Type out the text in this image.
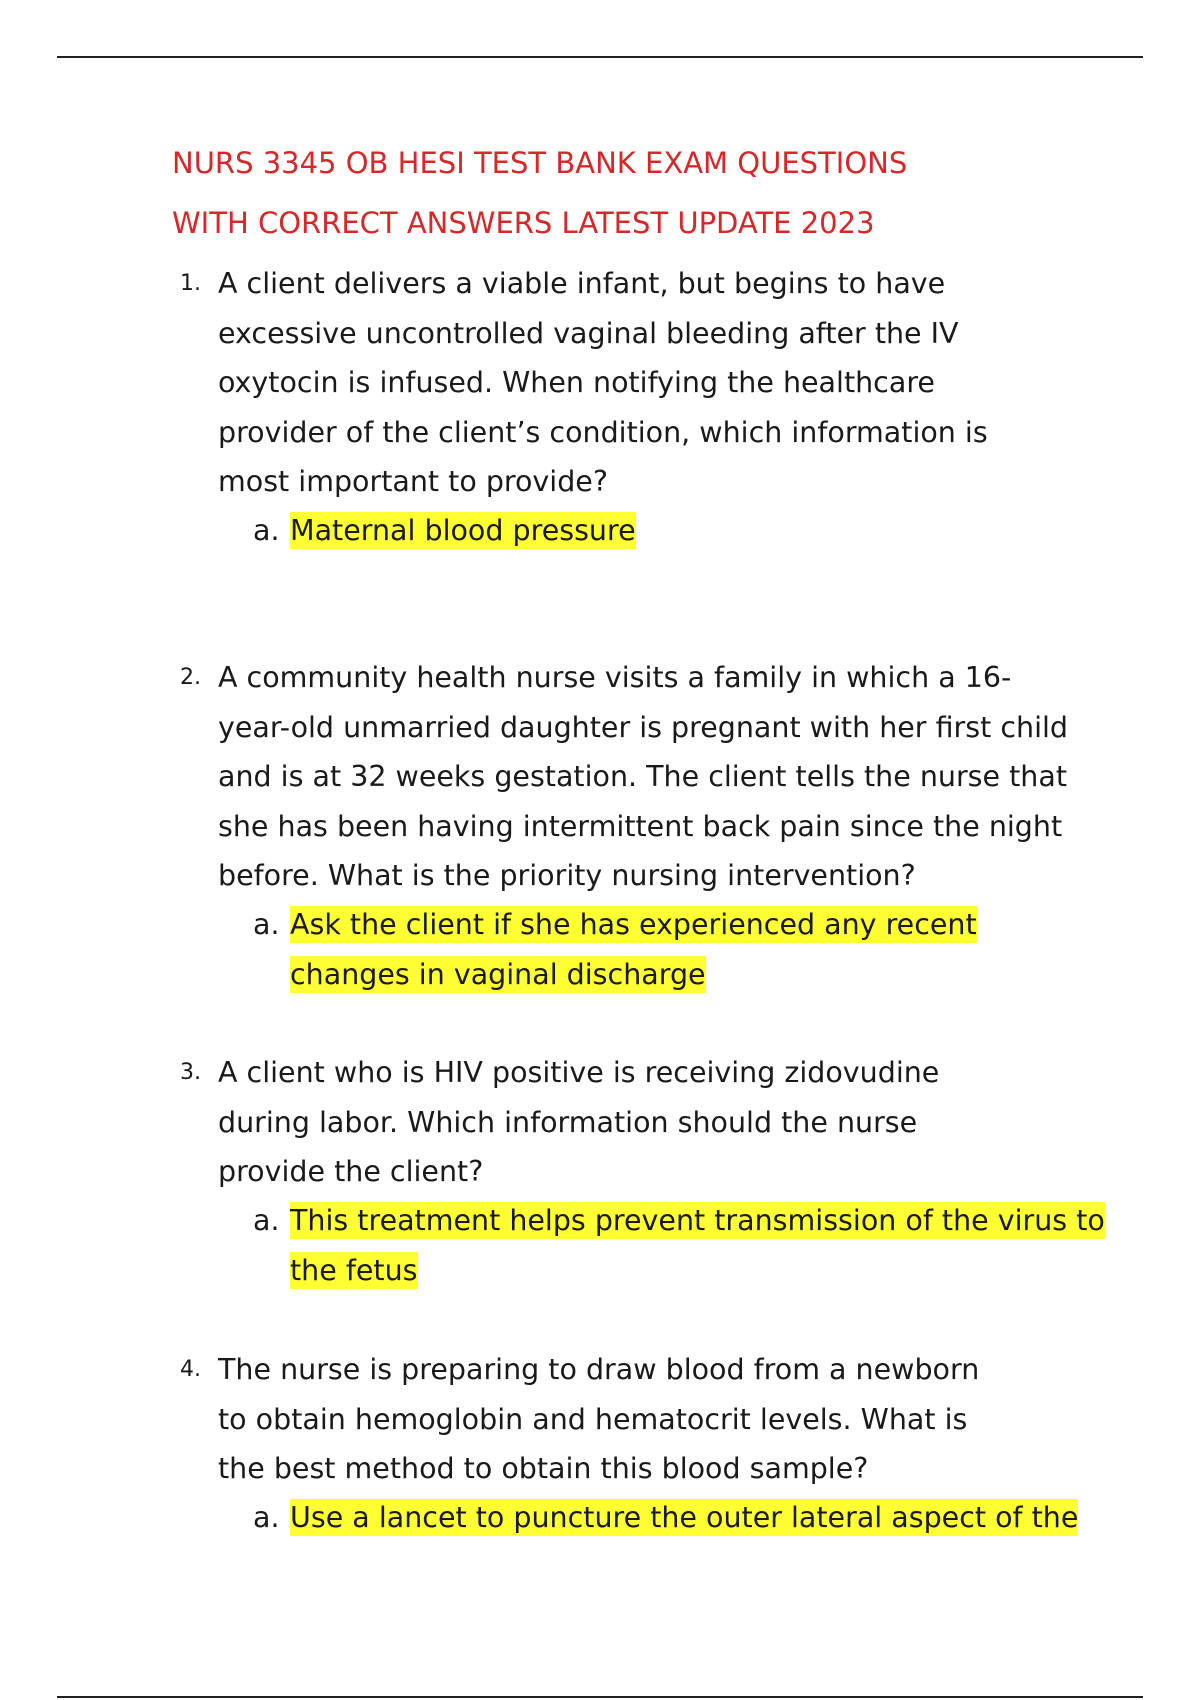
NURS 3345 OB HESI TEST BANK EXAM QUESTIONS
WITH CORRECT ANSWERS LATEST UPDATE 2023
1. A client delivers a viable infant, but begins to have
excessive uncontrolled vaginal bleeding after the IV
oxytocin is infused. When notifying the healthcare
provider of the client’s condition, which information is
most important to provide?
a. Maternal blood pressure
2. A community health nurse visits a family in which a 16-
year-old unmarried daughter is pregnant with her first child
and is at 32 weeks gestation. The client tells the nurse that
she has been having intermittent back pain since the night
before. What is the priority nursing intervention?
a. Ask the client if she has experienced any recent
changes in vaginal discharge
3. A client who is HIV positive is receiving zidovudine
during labor. Which information should the nurse
provide the client?
a. This treatment helps prevent transmission of the virus to
the fetus
4. The nurse is preparing to draw blood from a newborn
to obtain hemoglobin and hematocrit levels. What is
the best method to obtain this blood sample?
a. Use a lancet to puncture the outer lateral aspect of the
